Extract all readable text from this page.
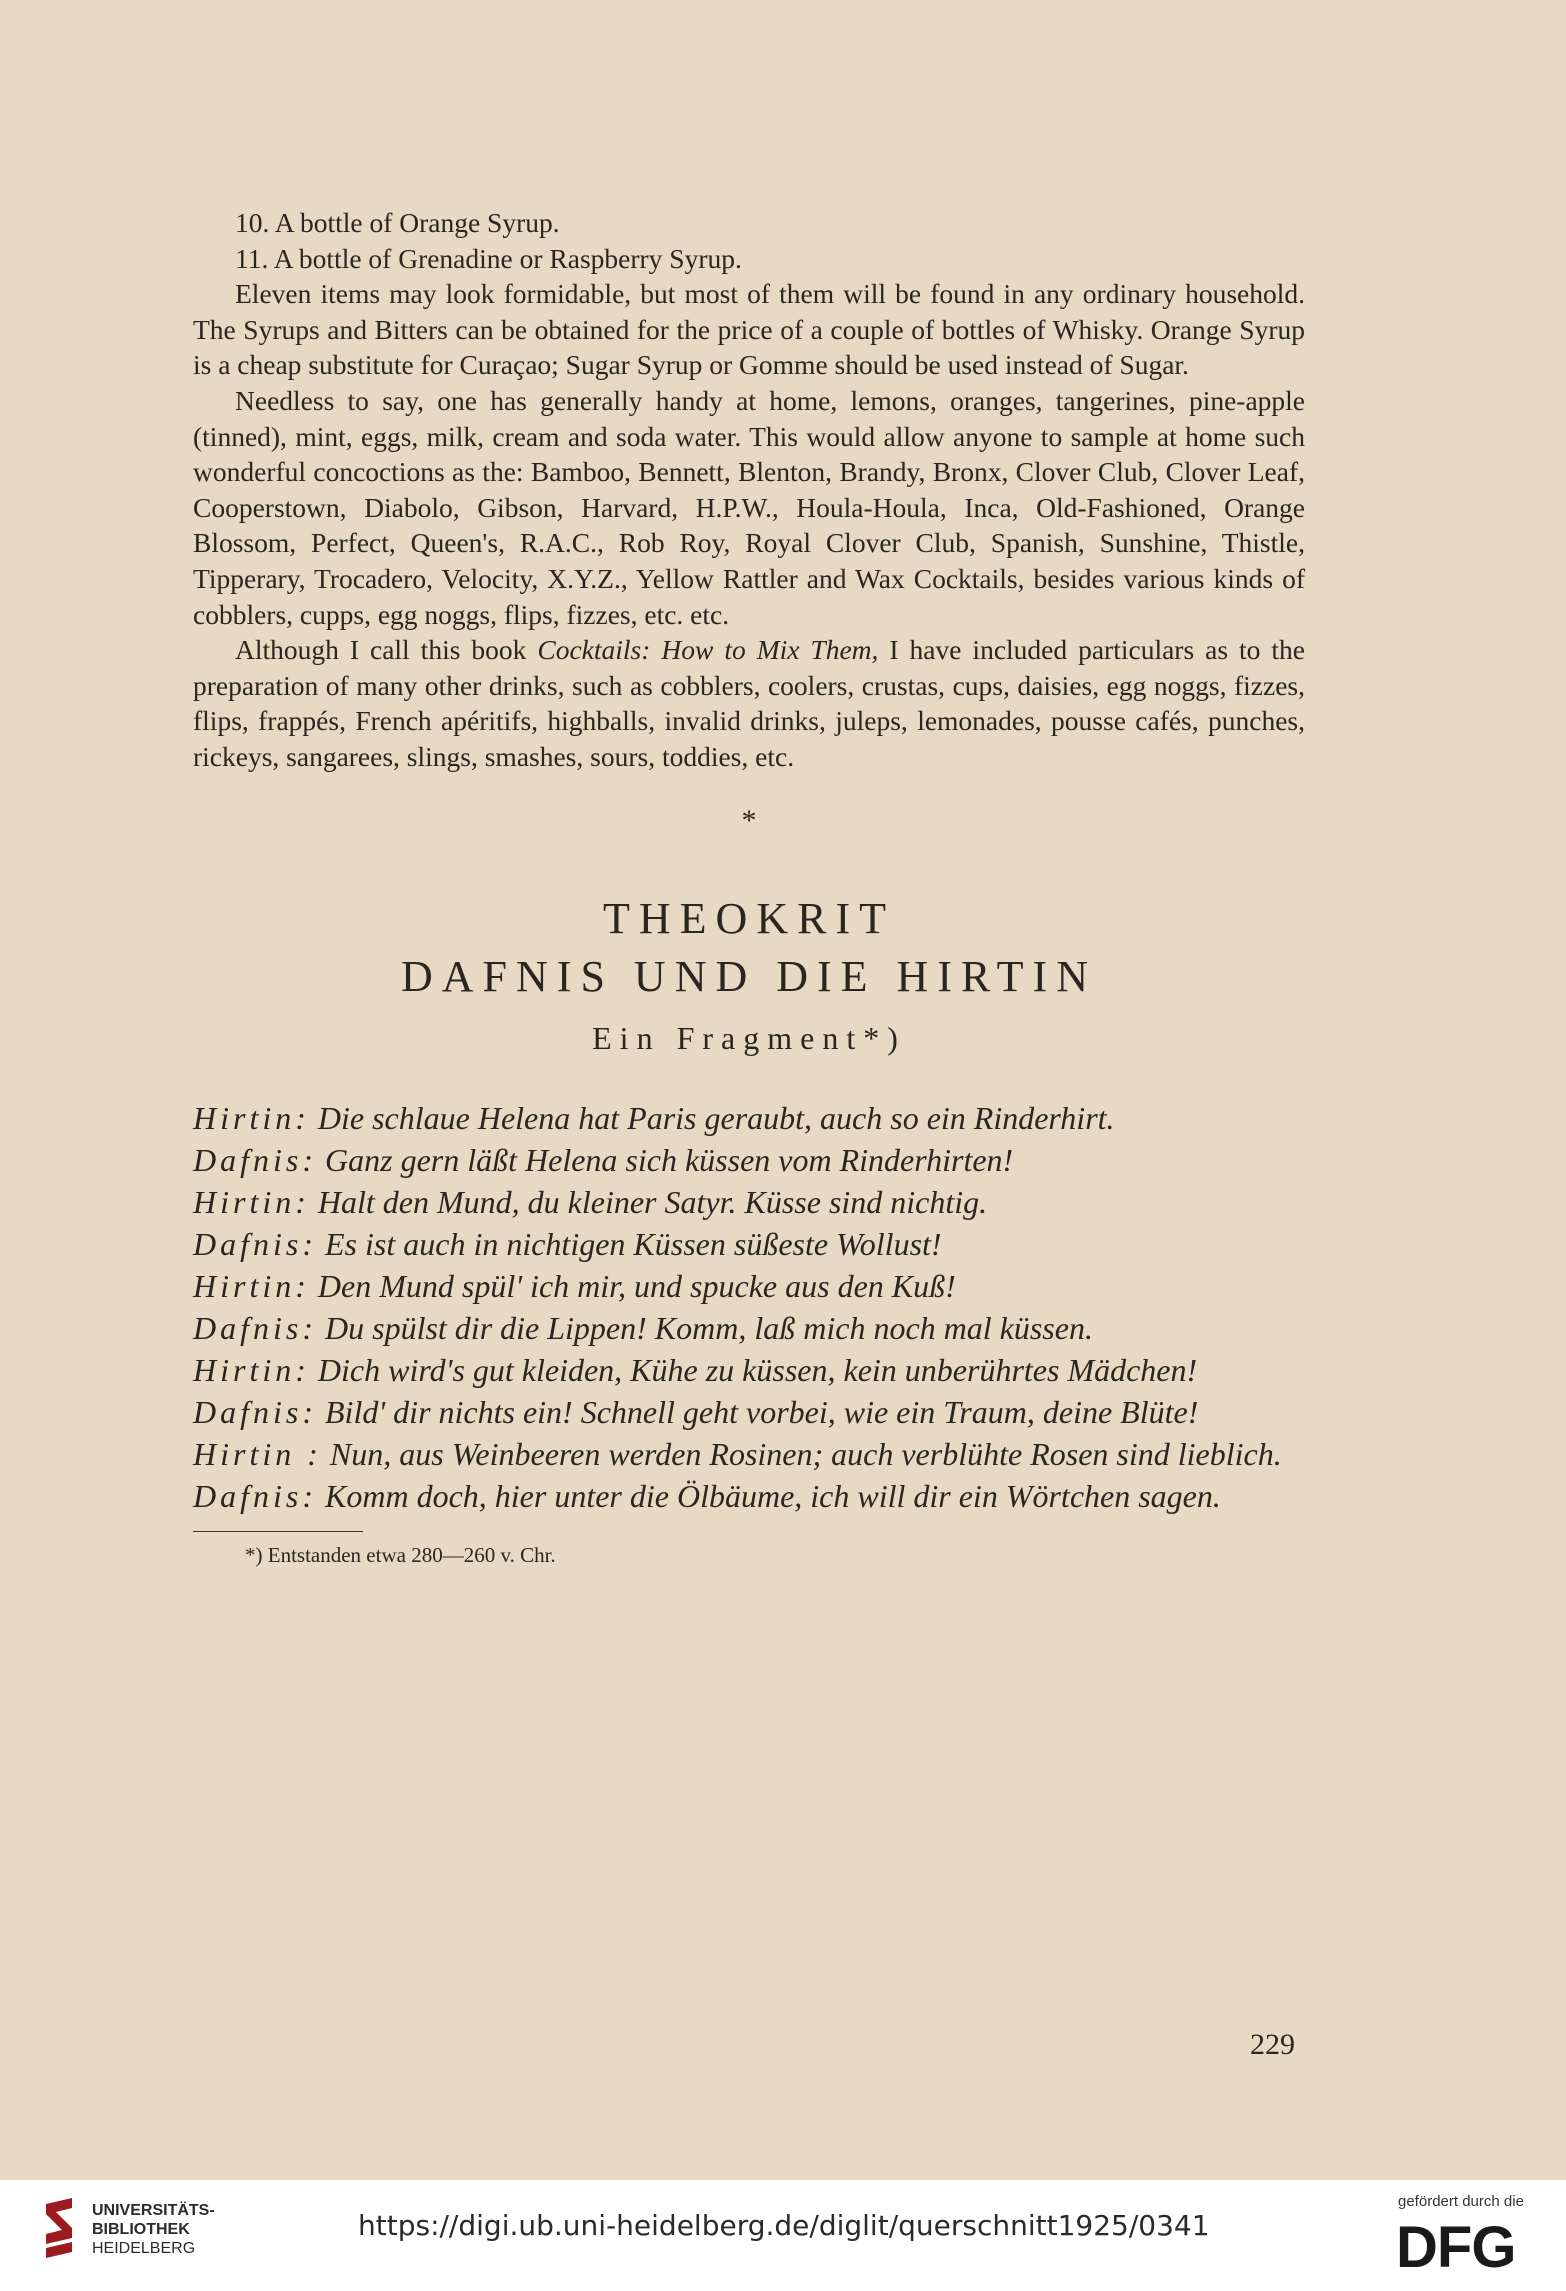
10. A bottle of Orange Syrup.

11. A bottle of Grenadine or Raspberry Syrup.

Eleven items may look formidable, but most of them will be found in any ordinary household. The Syrups and Bitters can be obtained for the price of a couple of bottles of Whisky. Orange Syrup is a cheap substitute for Curaçao; Sugar Syrup or Gomme should be used instead of Sugar.

Needless to say, one has generally handy at home, lemons, oranges, tangerines, pine-apple (tinned), mint, eggs, milk, cream and soda water. This would allow anyone to sample at home such wonderful concoctions as the: Bamboo, Bennett, Blenton, Brandy, Bronx, Clover Club, Clover Leaf, Cooperstown, Diabolo, Gibson, Harvard, H.P.W., Houla-Houla, Inca, Old-Fashioned, Orange Blossom, Perfect, Queen's, R.A.C., Rob Roy, Royal Clover Club, Spanish, Sunshine, Thistle, Tipperary, Trocadero, Velocity, X.Y.Z., Yellow Rattler and Wax Cocktails, besides various kinds of cobblers, cupps, egg noggs, flips, fizzes, etc. etc.

Although I call this book Cocktails: How to Mix Them, I have included particulars as to the preparation of many other drinks, such as cobblers, coolers, crustas, cups, daisies, egg noggs, fizzes, flips, frappés, French apéritifs, highballs, invalid drinks, juleps, lemonades, pousse cafés, punches, rickeys, sangarees, slings, smashes, sours, toddies, etc.

*
THEOKRIT
DAFNIS UND DIE HIRTIN
Ein Fragment*)

Hirtin: Die schlaue Helena hat Paris geraubt, auch so ein Rinderhirt.

Dafnis: Ganz gern läßt Helena sich küssen vom Rinderhirten!

Hirtin: Halt den Mund, du kleiner Satyr. Küsse sind nichtig.

Dafnis: Es ist auch in nichtigen Küssen süßeste Wollust!

Hirtin: Den Mund spül' ich mir, und spucke aus den Kuß!

Dafnis: Du spülst dir die Lippen! Komm, laß mich noch mal küssen.

Hirtin: Dich wird's gut kleiden, Kühe zu küssen, kein unberührtes Mädchen!

Dafnis: Bild' dir nichts ein! Schnell geht vorbei, wie ein Traum, deine Blüte!

Hirtin : Nun, aus Weinbeeren werden Rosinen; auch verblühte Rosen sind lieblich.

Dafnis: Komm doch, hier unter die Ölbäume, ich will dir ein Wörtchen sagen.

*) Entstanden etwa 280—260 v. Chr.

229
UNIVERSITÄTS-
BIBLIOTHEK
HEIDELBERG
https://digi.ub.uni-heidelberg.de/diglit/querschnitt1925/0341
gefördert durch die
DFG
